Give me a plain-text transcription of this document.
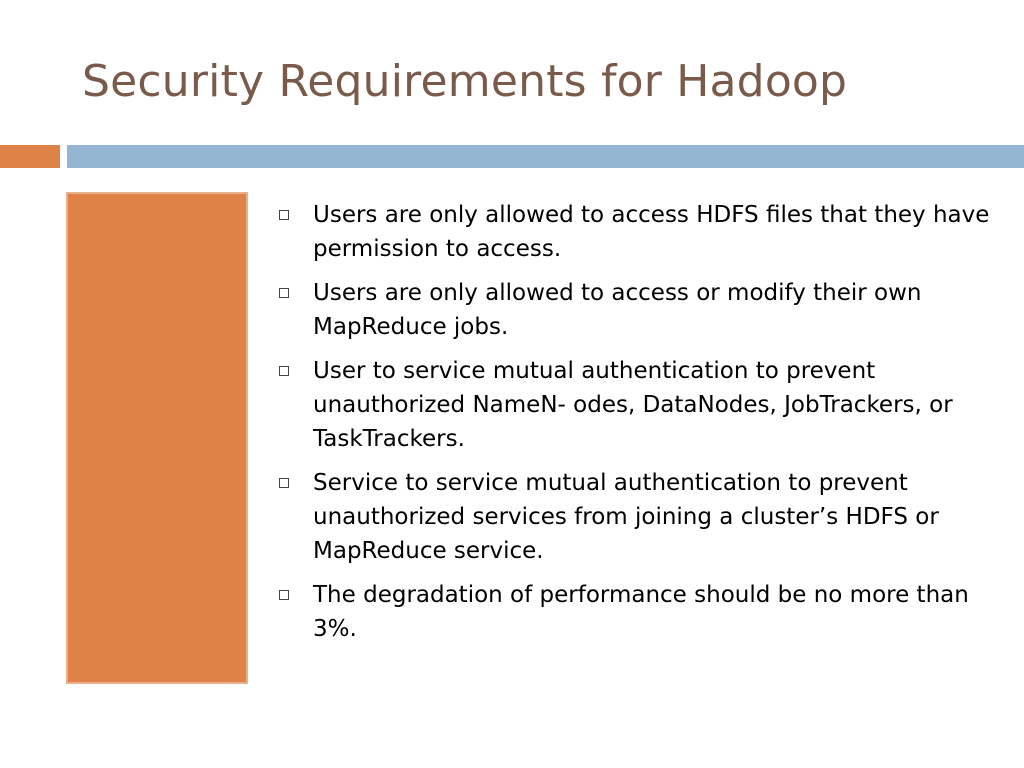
Security Requirements for Hadoop
Users are only allowed to access HDFS files that they have permission to access.
Users are only allowed to access or modify their own MapReduce jobs.
User to service mutual authentication to prevent unauthorized NameN- odes, DataNodes, JobTrackers, or TaskTrackers.
Service to service mutual authentication to prevent unauthorized services from joining a cluster’s HDFS or MapReduce service.
The degradation of performance should be no more than 3%.
